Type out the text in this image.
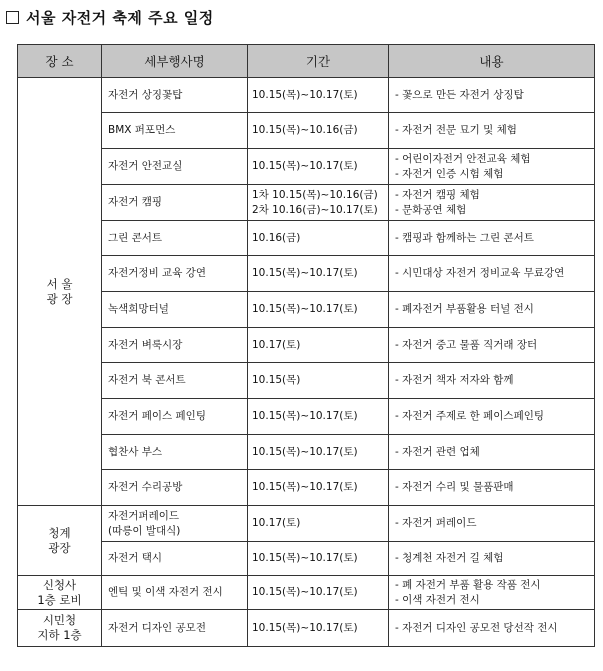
서울 자전거 축제 주요 일정
장 소	세부행사명	기간	내용

서 울
광 장	자전거 상징꽃탑	10.15(목)~10.17(토)	- 꽃으로 만든 자전거 상징탑

	BMX 퍼포먼스	10.15(목)~10.16(금)	- 자전거 전문 묘기 및 체험

	자전거 안전교실	10.15(목)~10.17(토)	- 어린이자전거 안전교육 체험
- 자전거 인증 시험 체험

	자전거 캠핑	1차 10.15(목)~10.16(금)
2차 10.16(금)~10.17(토)	- 자전거 캠핑 체험
- 문화공연 체험

	그린 콘서트	10.16(금)	- 캠핑과 함께하는 그린 콘서트

	자전거정비 교육 강연	10.15(목)~10.17(토)	- 시민대상 자전거 정비교육 무료강연

	녹색희망터널	10.15(목)~10.17(토)	- 폐자전거 부품활용 터널 전시

	자전거 벼룩시장	10.17(토)	- 자전거 중고 물품 직거래 장터

	자전거 북 콘서트	10.15(목)	- 자전거 책자 저자와 함께

	자전거 페이스 페인팅	10.15(목)~10.17(토)	- 자전거 주제로 한 페이스페인팅

	협찬사 부스	10.15(목)~10.17(토)	- 자전거 관련 업체

	자전거 수리공방	10.15(목)~10.17(토)	- 자전거 수리 및 물품판매

청계
광장	자전거퍼레이드
(따릉이 발대식)	10.17(토)	- 자전거 퍼레이드

	자전거 택시	10.15(목)~10.17(토)	- 청계천 자전거 길 체험

신청사
1층 로비	엔틱 및 이색 자전거 전시	10.15(목)~10.17(토)	- 폐 자전거 부품 활용 작품 전시
- 이색 자전거 전시

시민청
지하 1층	자전거 디자인 공모전	10.15(목)~10.17(토)	- 자전거 디자인 공모전 당선작 전시
